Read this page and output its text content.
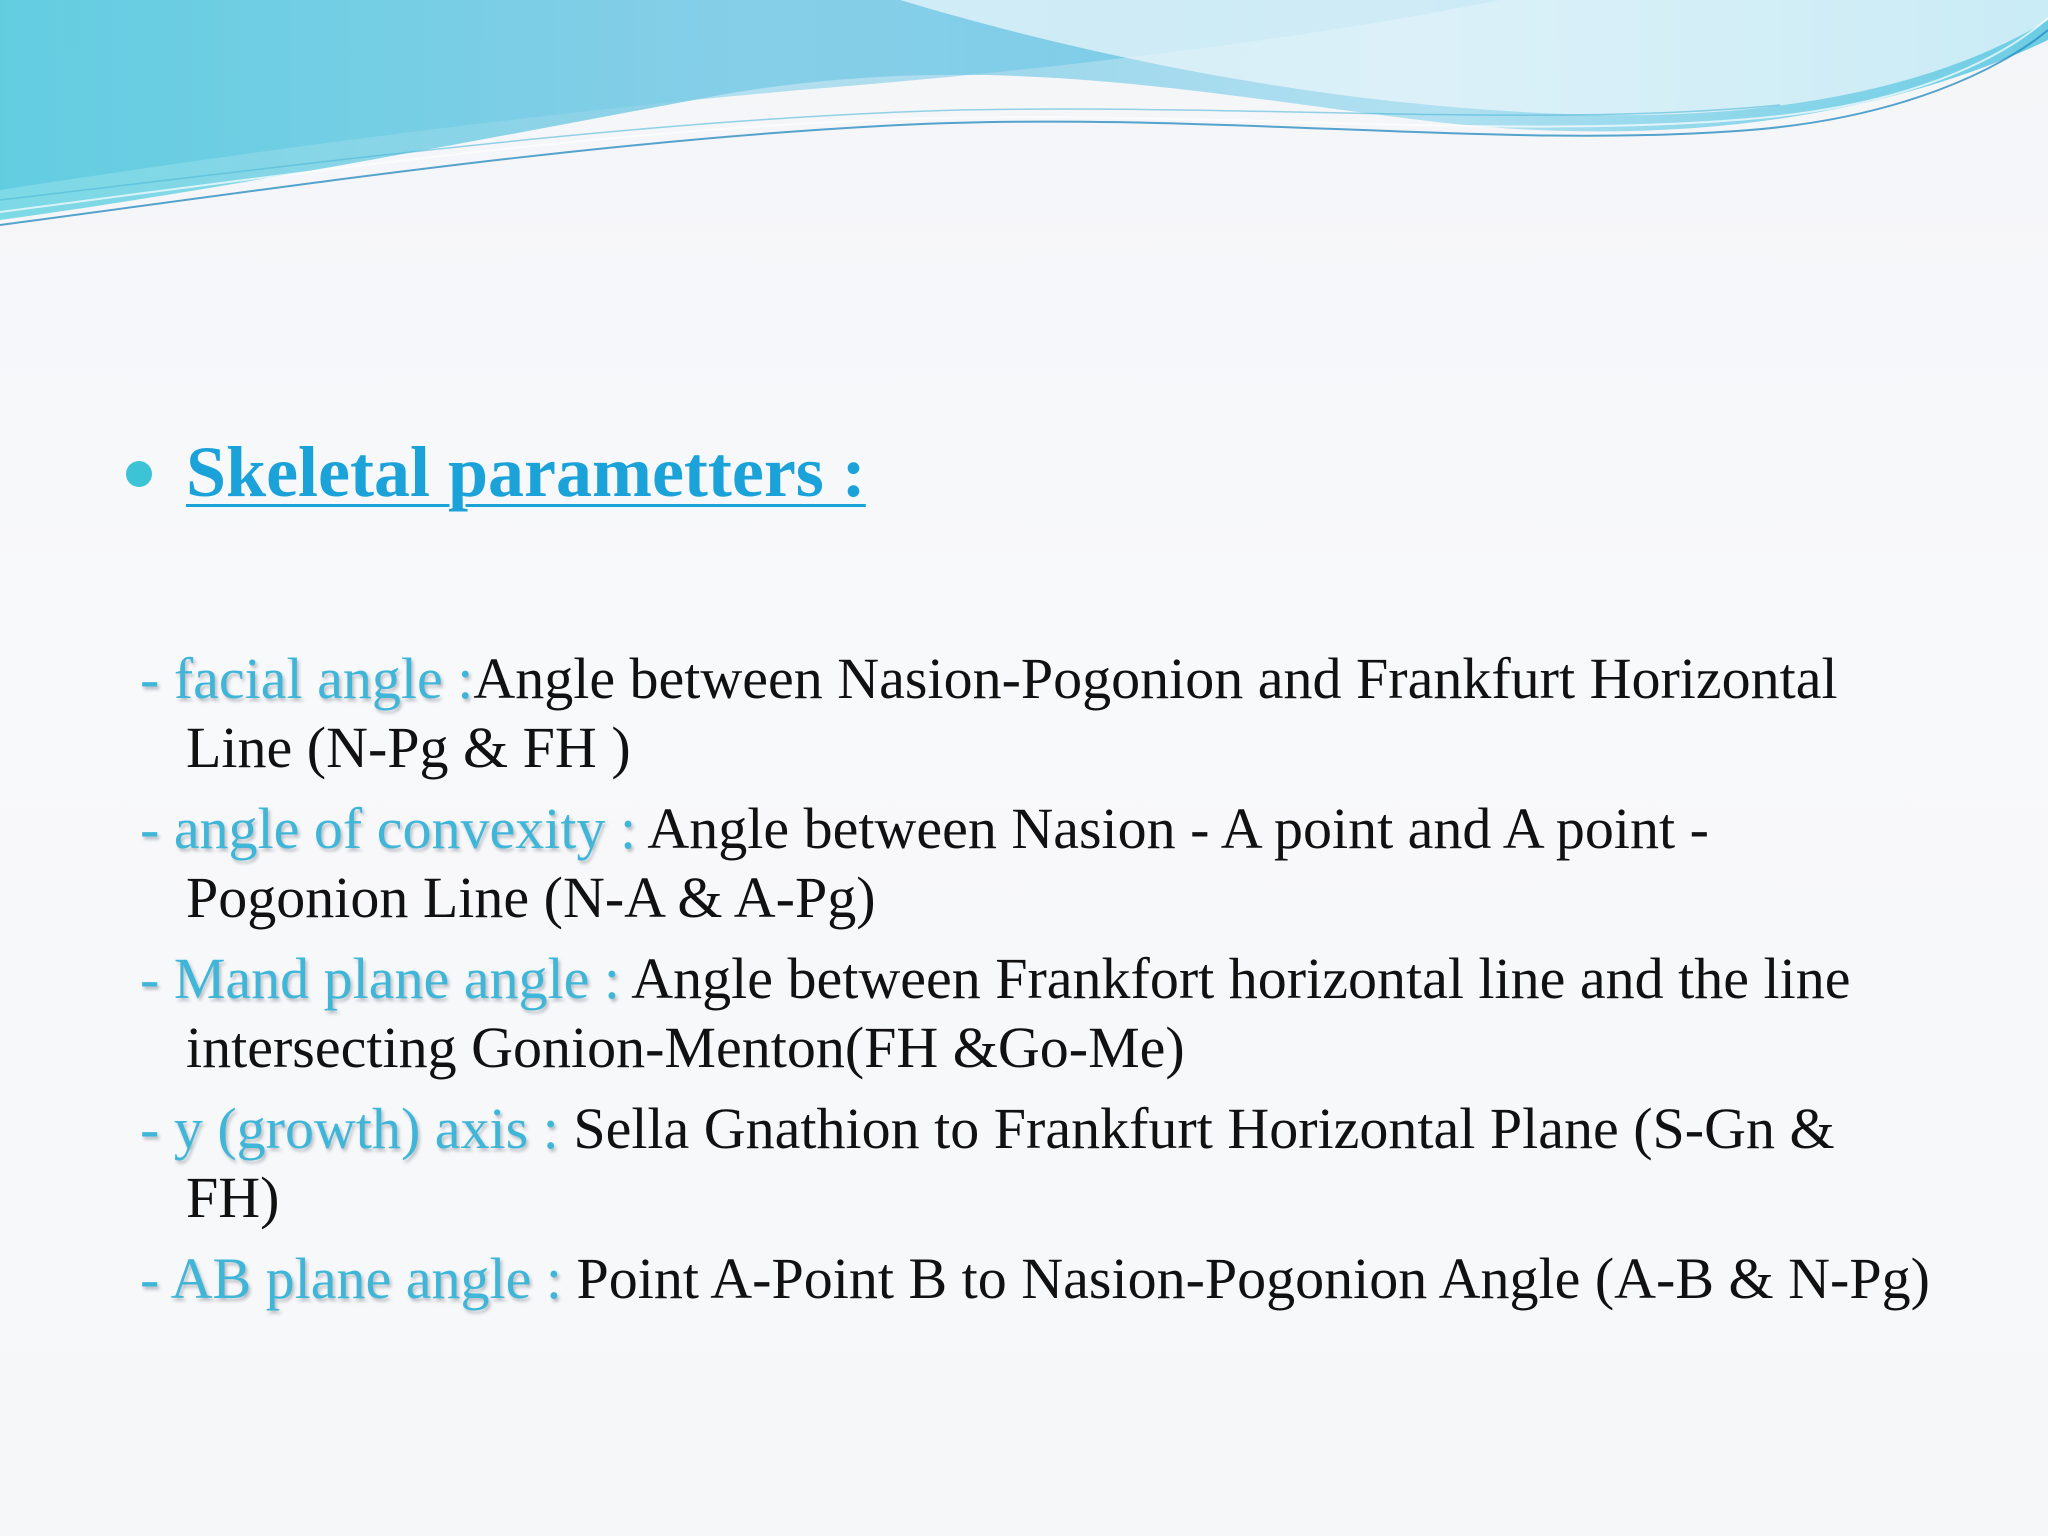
Skeletal parametters :
- facial angle :Angle between Nasion-Pogonion and Frankfurt Horizontal Line (N-Pg & FH )
- angle of convexity : Angle between Nasion - A point and A point - Pogonion Line (N-A & A-Pg)
- Mand plane angle : Angle between Frankfort horizontal line and the line intersecting Gonion-Menton(FH &Go-Me)
- y (growth) axis : Sella Gnathion to Frankfurt Horizontal Plane (S-Gn & FH)
- AB plane angle : Point A-Point B to Nasion-Pogonion Angle (A-B & N-Pg)
